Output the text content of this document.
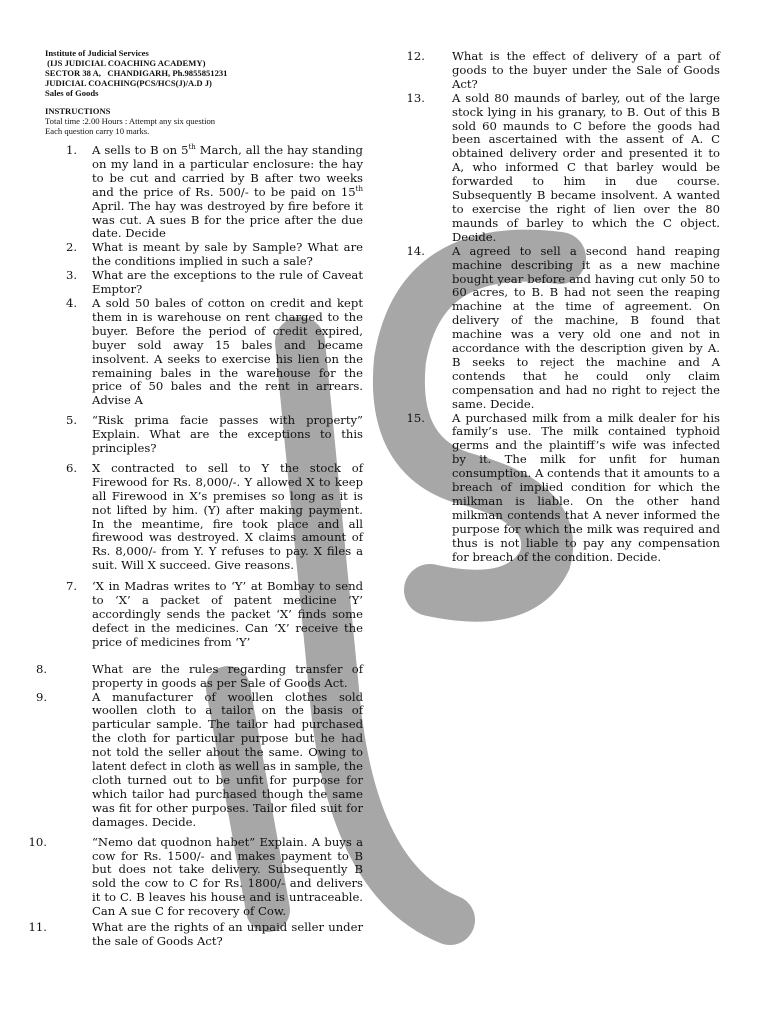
Institute of Judicial Services
(IJS JUDICIAL COACHING ACADEMY)
SECTOR 38 A,   CHANDIGARH, Ph.9855851231
JUDICIAL COACHING(PCS/HCS(J)/A.D J)
Sales of Goods
INSTRUCTIONS
Total time :2.00 Hours : Attempt any six question
Each question carry 10 marks.
1. A sells to B on 5th March, all the hay standing on my land in a particular enclosure: the hay to be cut and carried by B after two weeks and the price of Rs. 500/- to be paid on 15th April. The hay was destroyed by fire before it was cut. A sues B for the price after the due date. Decide
2. What is meant by sale by Sample? What are the conditions implied in such a sale?
3. What are the exceptions to the rule of Caveat Emptor?
4. A sold 50 bales of cotton on credit and kept them in is warehouse on rent charged to the buyer. Before the period of credit expired, buyer sold away 15 bales and became insolvent. A seeks to exercise his lien on the remaining bales in the warehouse for the price of 50 bales and the rent in arrears. Advise A
5. “Risk prima facie passes with property” Explain. What are the exceptions to this principles?
6. X contracted to sell to Y the stock of Firewood for Rs. 8,000/-. Y allowed X to keep all Firewood in X’s premises so long as it is not lifted by him. (Y) after making payment. In the meantime, fire took place and all firewood was destroyed. X claims amount of Rs. 8,000/- from Y. Y refuses to pay. X files a suit. Will X succeed. Give reasons.
7. ‘X in Madras writes to ‘Y’ at Bombay to send to ‘X’ a packet of patent medicine ‘Y’ accordingly sends the packet ‘X’ finds some defect in the medicines. Can ‘X’ receive the price of medicines from ‘Y’
8.	What are the rules regarding transfer of property in goods as per Sale of Goods Act.
9.	A manufacturer of woollen clothes sold woollen cloth to a tailor on the basis of particular sample. The tailor had purchased the cloth for particular purpose but he had not told the seller about the same. Owing to latent defect in cloth as well as in sample, the cloth turned out to be unfit for purpose for which tailor had purchased though the same was fit for other purposes. Tailor filed suit for damages. Decide.
10.	“Nemo dat quodnon habet” Explain. A buys a cow for Rs. 1500/- and makes payment to B but does not take delivery. Subsequently B sold the cow to C for Rs. 1800/- and delivers it to C. B leaves his house and is untraceable. Can A sue C for recovery of Cow.
11.	What are the rights of an unpaid seller under the sale of Goods Act?
12. What is the effect of delivery of a part of goods to the buyer under the Sale of Goods Act?
13. A sold 80 maunds of barley, out of the large stock lying in his granary, to B. Out of this B sold 60 maunds to C before the goods had been ascertained with the assent of A. C obtained delivery order and presented it to A, who informed C that barley would be forwarded to him in due course. Subsequently B became insolvent. A wanted to exercise the right of lien over the 80 maunds of barley to which the C object. Decide.
14. A agreed to sell a second hand reaping machine describing it as a new machine bought year before and having cut only 50 to 60 acres, to B. B had not seen the reaping machine at the time of agreement. On delivery of the machine, B found that machine was a very old one and not in accordance with the description given by A. B seeks to reject the machine and A contends that he could only claim compensation and had no right to reject the same. Decide.
15. A purchased milk from a milk dealer for his family’s use. The milk contained typhoid germs and the plaintiff’s wife was infected by it. The milk for unfit for human consumption. A contends that it amounts to a breach of implied condition for which the milkman is liable. On the other hand milkman contends that A never informed the purpose for which the milk was required and thus is not liable to pay any compensation for breach of the condition. Decide.
